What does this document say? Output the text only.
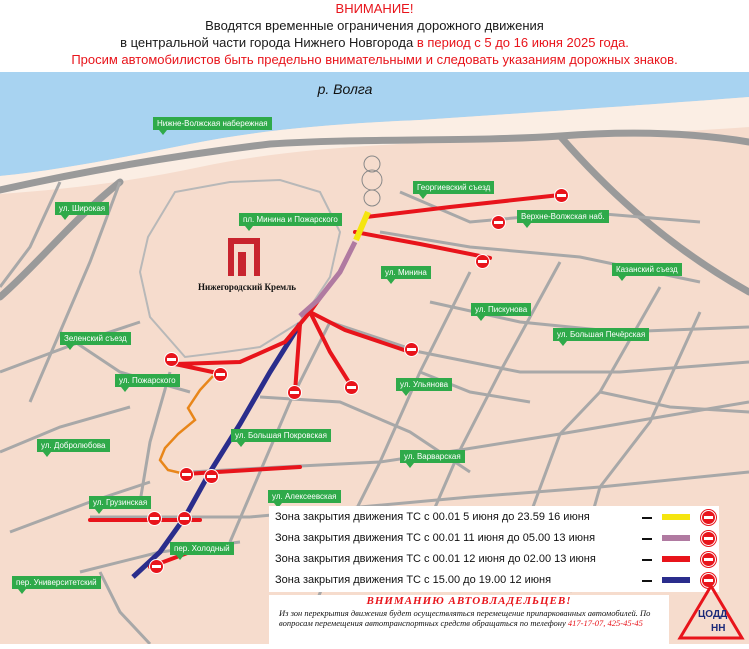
ВНИМАНИЕ!
Вводятся временные ограничения дорожного движения
в центральной части города Нижнего Новгорода в период с 5 до 16 июня 2025 года.
Просим автомобилистов быть предельно внимательными и следовать указаниям дорожных знаков.
Нижегородский Кремль
р. Волга
Нижне-Волжская набережная
Георгиевский съезд
Верхне-Волжская наб.
Казанский съезд
ул. Широкая
пл. Минина и Пожарского
ул. Минина
ул. Пискунова
ул. Большая Печёрская
Зеленский съезд
ул. Пожарского	ул. Ульянова
ул. Добролюбова
ул. Большая Покровская
ул. Варварская
ул. Алексеевская
ул. Грузинская
пер. Холодный
пер. Университетский
Зона закрытия движения ТС с 00.01 5 июня до 23.59 16 июня
Зона закрытия движения ТС с 00.01 11 июня до 05.00 13 июня
Зона закрытия движения ТС с 00.01 12 июня до 02.00 13 июня
Зона закрытия движения ТС с 15.00 до 19.00 12 июня
ВНИМАНИЮ АВТОВЛАДЕЛЬЦЕВ!
Из зон перекрытия движения будет осуществляться перемещение припаркованных автомобилей. По вопросам перемещения автотранспортных средств обращаться по телефону 417-17-07, 425-45-45
ЦОДД
НН
